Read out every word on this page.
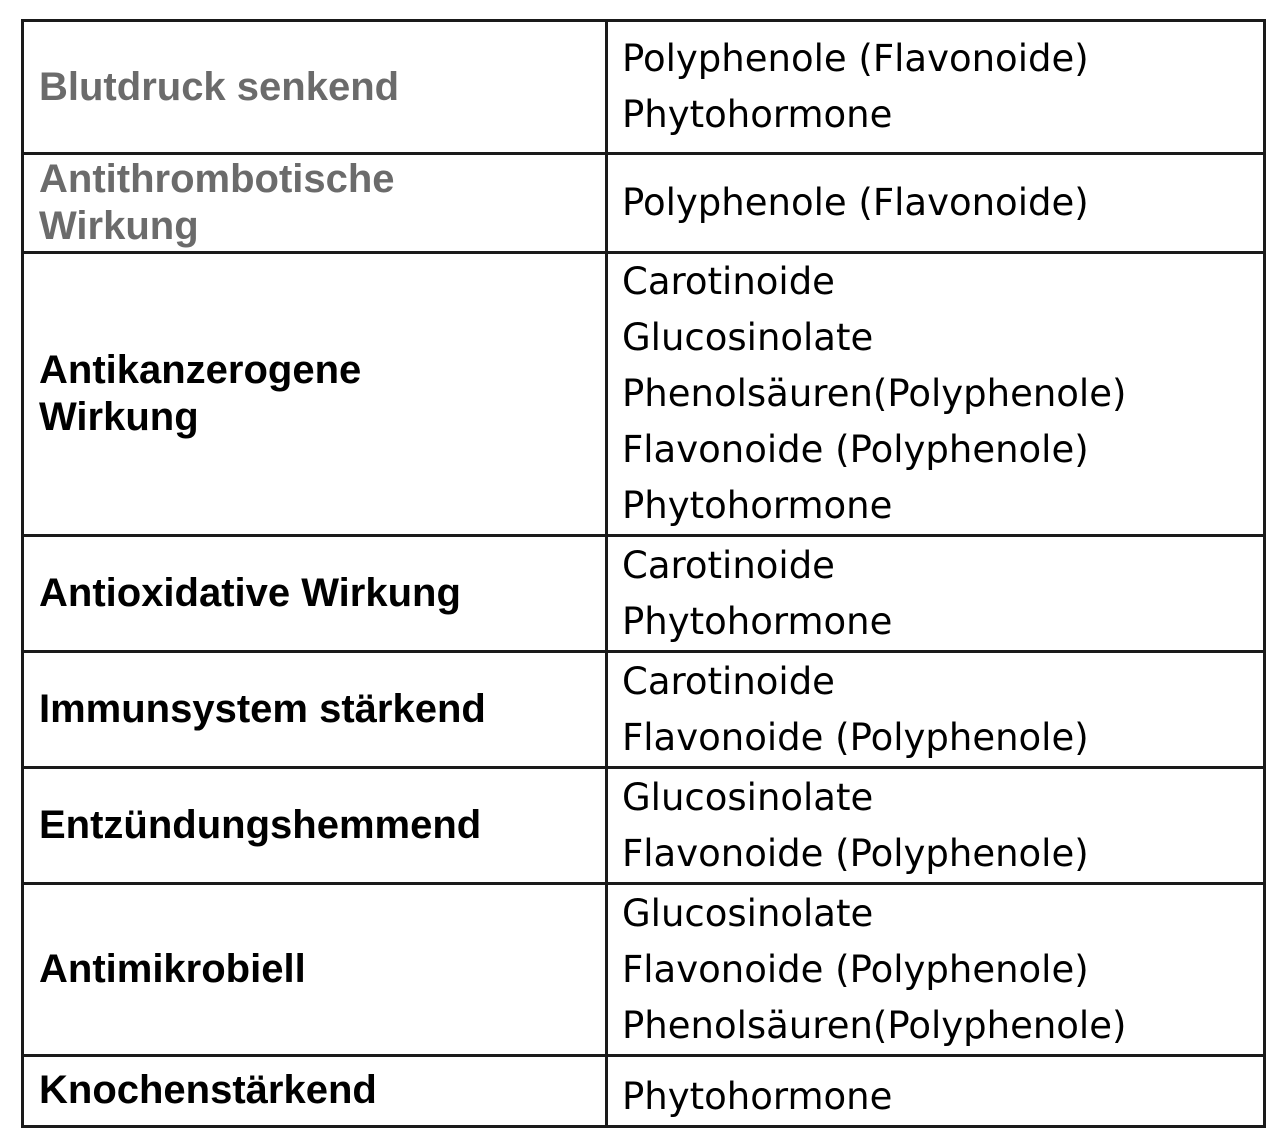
Blutdruck senkend	Polyphenole (Flavonoide)
Phytohormone

Antithrombotische Wirkung	Polyphenole (Flavonoide)

Antikanzerogene Wirkung	Carotinoide
Glucosinolate
Phenolsäuren(Polyphenole)
Flavonoide (Polyphenole)
Phytohormone

Antioxidative Wirkung	Carotinoide
Phytohormone

Immunsystem stärkend	Carotinoide
Flavonoide (Polyphenole)

Entzündungshemmend	Glucosinolate
Flavonoide (Polyphenole)

Antimikrobiell	Glucosinolate
Flavonoide (Polyphenole)
Phenolsäuren(Polyphenole)

Knochenstärkend	Phytohormone
